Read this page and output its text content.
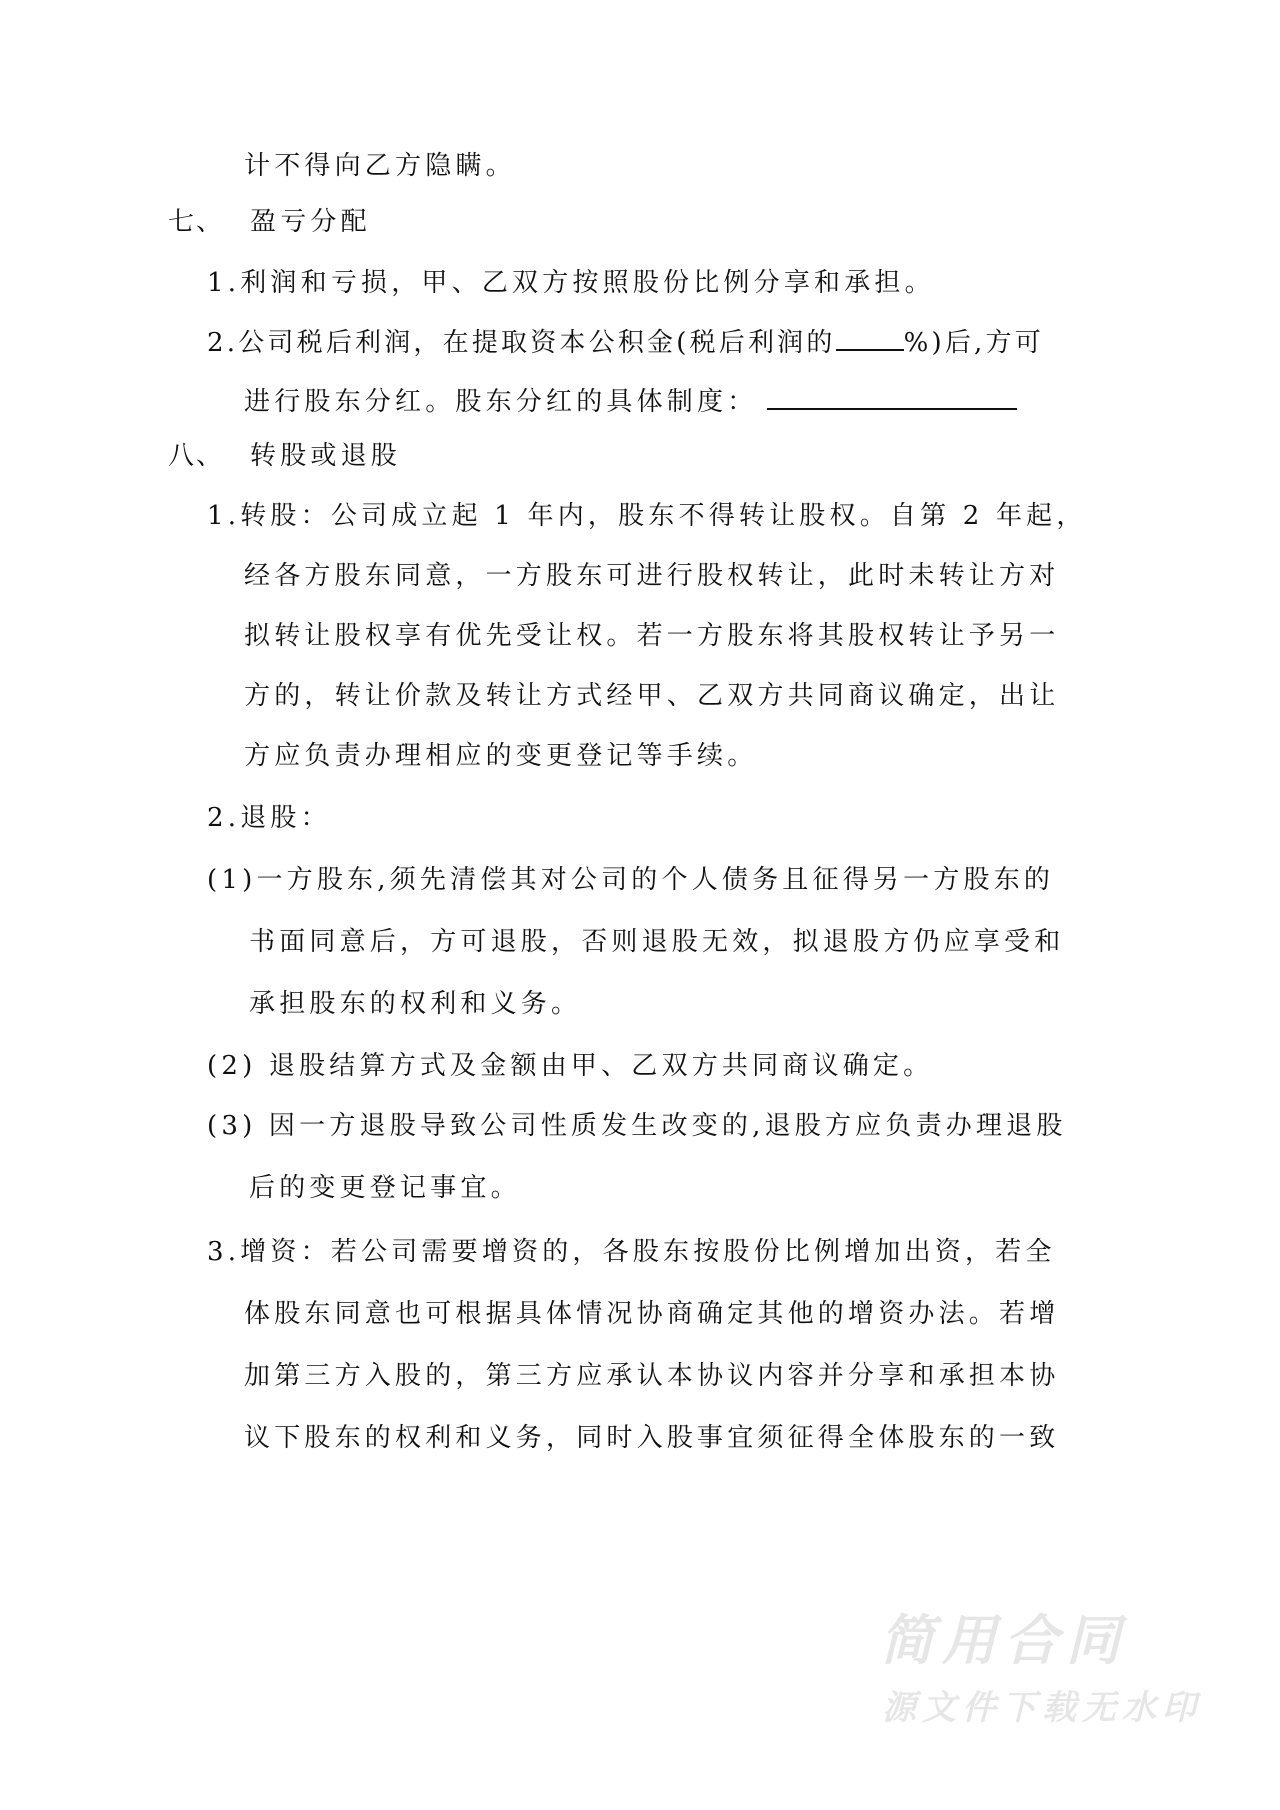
计不得向乙方隐瞒。
七、 盈亏分配
1.利润和亏损，甲、乙双方按照股份比例分享和承担。
2.公司税后利润，在提取资本公积金(税后利润的	%)后,方可
进行股东分红。股东分红的具体制度：
八、 转股或退股
1.转股：公司成立起 1 年内，股东不得转让股权。自第 2 年起，
经各方股东同意，一方股东可进行股权转让，此时未转让方对
拟转让股权享有优先受让权。若一方股东将其股权转让予另一
方的，转让价款及转让方式经甲、乙双方共同商议确定，出让
方应负责办理相应的变更登记等手续。
2.退股：
(1)一方股东,须先清偿其对公司的个人债务且征得另一方股东的
书面同意后，方可退股，否则退股无效，拟退股方仍应享受和
承担股东的权利和义务。
(2) 退股结算方式及金额由甲、乙双方共同商议确定。
(3) 因一方退股导致公司性质发生改变的,退股方应负责办理退股
后的变更登记事宜。
3.增资：若公司需要增资的，各股东按股份比例增加出资，若全
体股东同意也可根据具体情况协商确定其他的增资办法。若增
加第三方入股的，第三方应承认本协议内容并分享和承担本协
议下股东的权利和义务，同时入股事宜须征得全体股东的一致
简用合同
源文件下载无水印
